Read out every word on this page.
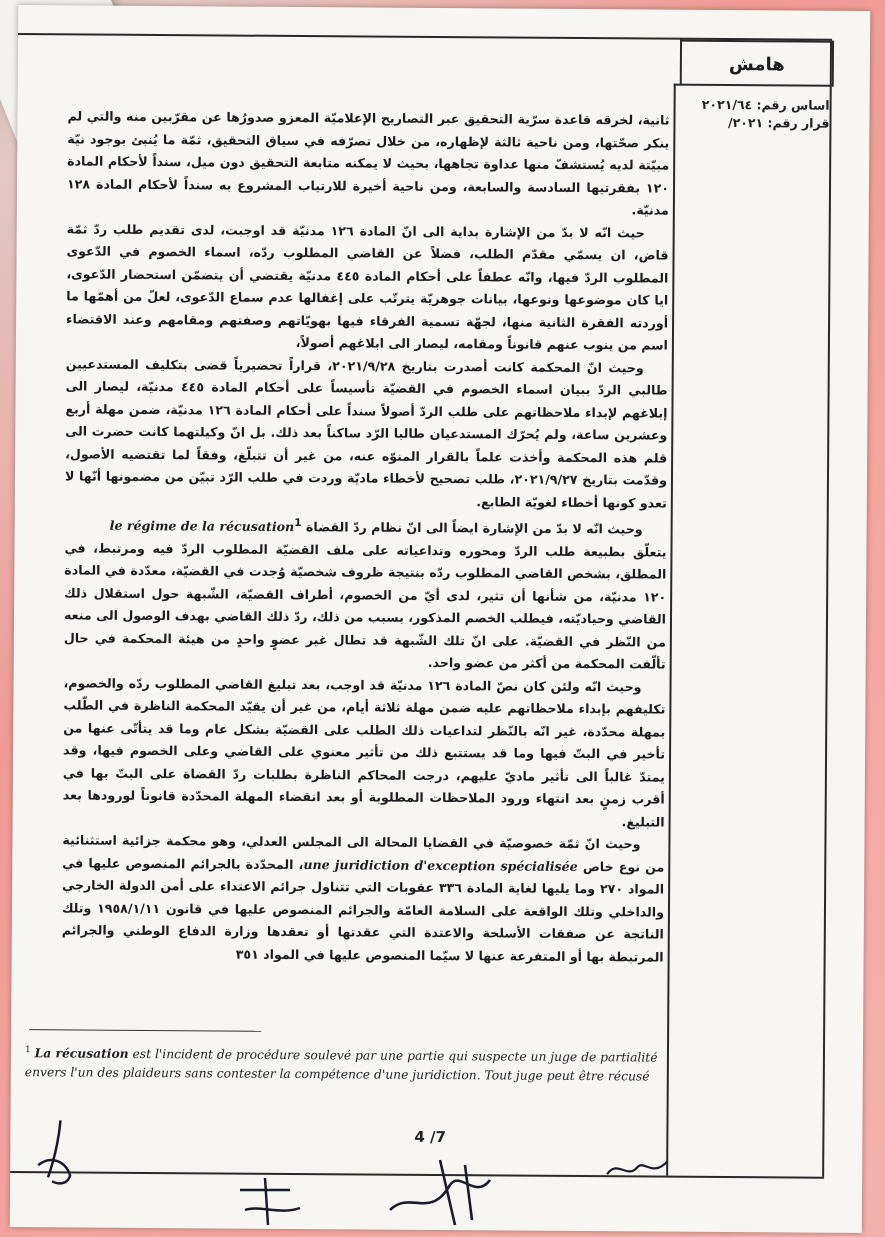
هامش
اساس رقم: ٢٠٢١/٦٤
قرار رقم: ٢٠٢١/

ثانية، لخرقه قاعدة سرّية التحقيق عبر التصاريح الإعلاميّة المعزو صدورُها عن مقرّبين منه والتي لم ينكر صحّتها، ومن ناحية ثالثة لإظهاره، من خلال تصرّفه في سياق التحقيق، ثمّة ما يُنبئ بوجود نيّة مبيّتة لديه يُستشفّ منها عداوة تجاهها، بحيث لا يمكنه متابعة التحقيق دون ميل، سنداً لأحكام المادة ١٢٠ بفقرتيها السادسة والسابعة، ومن ناحية أخيرة للارتياب المشروع به سنداً لأحكام المادة ١٢٨ مدنيّة.

حيث انّه لا بدّ من الإشارة بداية الى انّ المادة ١٢٦ مدنيّة قد اوجبت، لدى تقديم طلب ردّ ثمّة قاض، ان يسمّي مقدّم الطلب، فضلاً عن القاضي المطلوب ردّه، اسماء الخصوم في الدّعوى المطلوب الردّ فيها، وانّه عطفاً على أحكام المادة ٤٤٥ مدنيّة يقتضي أن يتضمّن استحضار الدّعوى، ايا كان موضوعها ونوعها، بيانات جوهريّة يترتّب على إغفالها عدم سماع الدّعوى، لعلّ من أهمّها ما أوردته الفقرة الثانية منها، لجهّة تسمية الفرقاء فيها بهويّاتهم وصفتهم ومقامهم وعند الاقتضاء اسم من ينوب عنهم قانوناً ومقامه، ليصار الى ابلاغهم أصولاً،

وحيث انّ المحكمة كانت أصدرت بتاريخ ٢٠٢١/٩/٢٨، قراراً تحضيرياً قضى بتكليف المستدعيين طالبي الردّ ببيان اسماء الخصوم في القضيّة تأسيساً على أحكام المادة ٤٤٥ مدنيّة، ليصار الى إبلاغهم لإبداء ملاحظاتهم على طلب الردّ أصولاً سنداً على أحكام المادة ١٢٦ مدنيّة، ضمن مهلة أربع وعشرين ساعة، ولم يُحرّك المستدعيان طالبا الرّد ساكناً بعد ذلك. بل انّ وكيلتهما كانت حضرت الى قلم هذه المحكمة وأخذت علماً بالقرار المنوّه عنه، من غير أن تتبلّغ، وفقاً لما تقتضيه الأصول، وقدّمت بتاريخ ٢٠٢١/٩/٢٧، طلب تصحيح لأخطاء ماديّة وردت في طلب الرّد تبيّن من مضمونها أنّها لا تعدو كونها أخطاء لغويّة الطابع.

وحيث انّه لا بدّ من الإشارة ايضاً الى انّ نظام ردّ القضاة le régime de la récusation$^1$

يتعلّق بطبيعة طلب الردّ ومحوره وتداعياته على ملف القضيّة المطلوب الردّ فيه ومرتبط، في المطلق، بشخص القاضي المطلوب ردّه بنتيجة ظروف شخصيّة وُجدت في القضيّة، معدّدة في المادة ١٢٠ مدنيّة، من شأنها أن تثير، لدى أيّ من الخصوم، أطراف القضيّة، الشّبهة حول استقلال ذلك القاضي وحياديّته، فيطلب الخصم المذكور، بسبب من ذلك، ردّ ذلك القاضي بهدف الوصول الى منعه من النّظر في القضيّة. على انّ تلك الشّبهة قد تطال غير عضوٍ واحدٍ من هيئة المحكمة في حال تألّفت المحكمة من أكثر من عضو واحد.

وحيث انّه ولئن كان نصّ المادة ١٢٦ مدنيّة قد اوجب، بعد تبليغ القاضي المطلوب ردّه والخصوم، تكليفهم بإبداء ملاحظاتهم عليه ضمن مهلة ثلاثة أيام، من غير أن يقيّد المحكمة الناظرة في الطّلب بمهلة محدّدة، غير انّه بالنّظر لتداعيات ذلك الطلب على القضيّة بشكل عام وما قد يتأتّى عنها من تأخير في البتّ فيها وما قد يستتبع ذلك من تأثير معنوي على القاضي وعلى الخصوم فيها، وقد يمتدّ غالباً الى تأثير ماديّ عليهم، درجت المحاكم الناظرة بطلبات ردّ القضاة على البتّ بها في أقرب زمنٍ بعد انتهاء ورود الملاحظات المطلوبة أو بعد انقضاء المهلة المحدّدة قانوناً لورودها بعد التبليغ.

وحيث انّ ثمّة خصوصيّة في القضايا المحالة الى المجلس العدلي، وهو محكمة جزائية استثنائية من نوع خاص une juridiction d'exception spécialisée، المحدّدة بالجرائم المنصوص عليها في المواد ٢٧٠ وما يليها لغاية المادة ٣٣٦ عقوبات التي تتناول جرائم الاعتداء على أمن الدولة الخارجي والداخلي وتلك الواقعة على السلامة العامّة والجرائم المنصوص عليها في قانون ١٩٥٨/١/١١ وتلك الناتجة عن صفقات الأسلحة والاعتدة التي عقدتها أو تعقدها وزارة الدفاع الوطني والجرائم المرتبطة بها أو المتفرعة عنها لا سيّما المنصوص عليها في المواد ٣٥١

$^1$ La récusation est l'incident de procédure soulevé par une partie qui suspecte un juge de partialité envers l'un des plaideurs sans contester la compétence d'une juridiction. Tout juge peut être récusé
4 /7
